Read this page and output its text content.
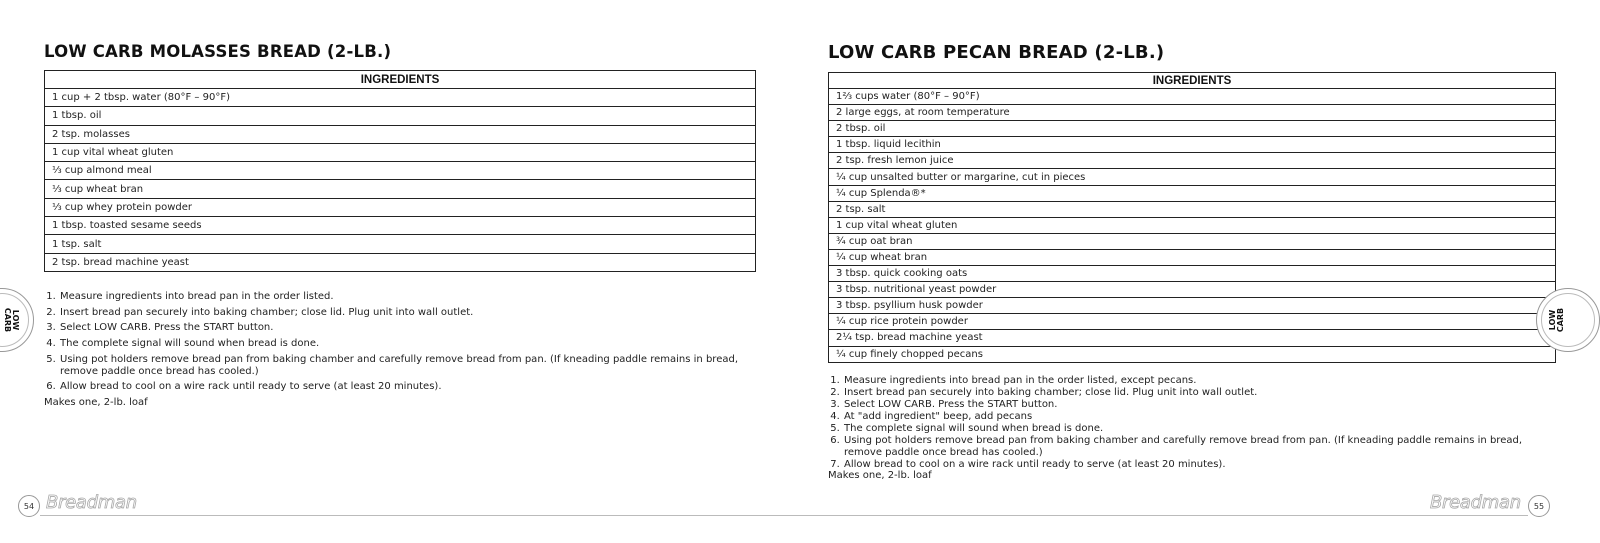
LOW CARB MOLASSES BREAD (2-LB.)
INGREDIENTS
1 cup + 2 tbsp. water (80°F – 90°F)
1 tbsp. oil
2 tsp. molasses
1 cup vital wheat gluten
⅓ cup almond meal
⅓ cup wheat bran
⅓ cup whey protein powder
1 tbsp. toasted sesame seeds
1 tsp. salt
2 tsp. bread machine yeast
1. Measure ingredients into bread pan in the order listed.
2. Insert bread pan securely into baking chamber; close lid. Plug unit into wall outlet.
3. Select LOW CARB. Press the START button.
4. The complete signal will sound when bread is done.
5. Using pot holders remove bread pan from baking chamber and carefully remove bread from pan. (If kneading paddle remains in bread, remove paddle once bread has cooled.)
6. Allow bread to cool on a wire rack until ready to serve (at least 20 minutes).

Makes one, 2-lb. loaf

LOW
CARB
54 Breadman
LOW CARB PECAN BREAD (2-LB.)
INGREDIENTS
1⅔ cups water (80°F – 90°F)
2 large eggs, at room temperature
2 tbsp. oil
1 tbsp. liquid lecithin
2 tsp. fresh lemon juice
¼ cup unsalted butter or margarine, cut in pieces
¼ cup Splenda®*
2 tsp. salt
1 cup vital wheat gluten
¾ cup oat bran
¼ cup wheat bran
3 tbsp. quick cooking oats
3 tbsp. nutritional yeast powder
3 tbsp. psyllium husk powder
¼ cup rice protein powder
2¼ tsp. bread machine yeast
¼ cup finely chopped pecans
1. Measure ingredients into bread pan in the order listed, except pecans.
2. Insert bread pan securely into baking chamber; close lid. Plug unit into wall outlet.
3. Select LOW CARB. Press the START button.
4. At "add ingredient" beep, add pecans
5. The complete signal will sound when bread is done.
6. Using pot holders remove bread pan from baking chamber and carefully remove bread from pan. (If kneading paddle remains in bread, remove paddle once bread has cooled.)
7. Allow bread to cool on a wire rack until ready to serve (at least 20 minutes).

Makes one, 2-lb. loaf

LOW
CARB
Breadman	55
